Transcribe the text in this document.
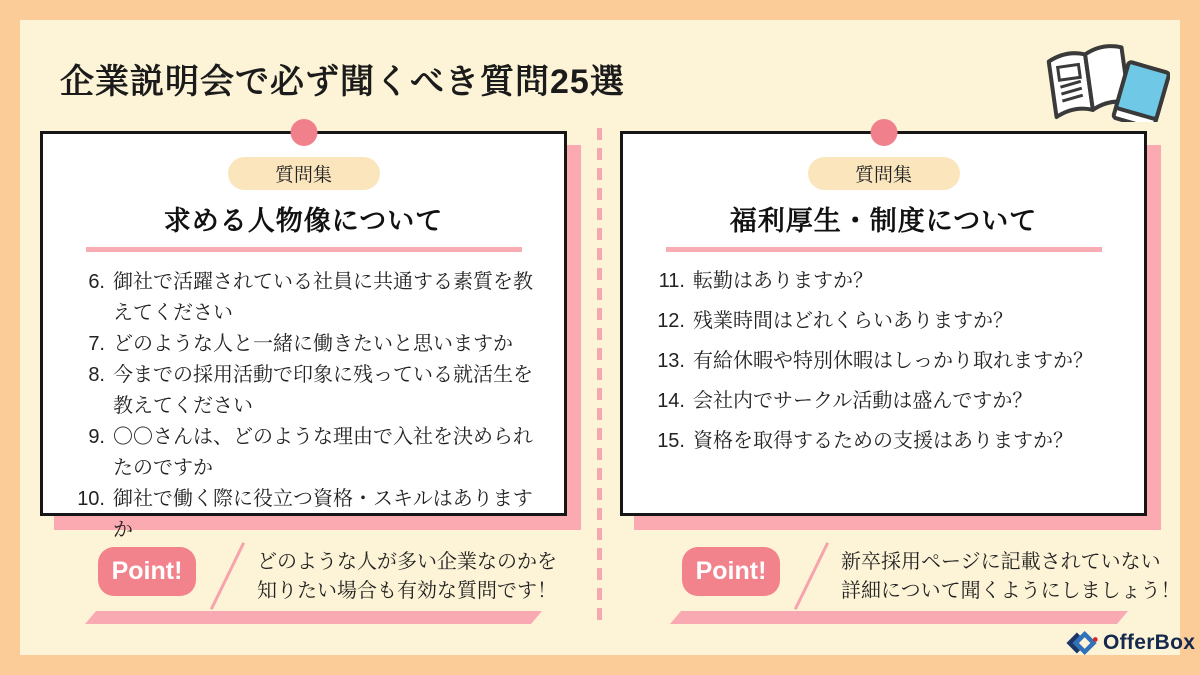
企業説明会で必ず聞くべき質問25選
質問集
求める人物像について
6. 御社で活躍されている社員に共通する素質を教えてください
7. どのような人と一緒に働きたいと思いますか
8. 今までの採用活動で印象に残っている就活生を教えてください
9. 〇〇さんは、どのような理由で入社を決められたのですか
10. 御社で働く際に役立つ資格・スキルはありますか
質問集
福利厚生・制度について
11. 転勤はありますか？
12. 残業時間はどれくらいありますか？
13. 有給休暇や特別休暇はしっかり取れますか？
14. 会社内でサークル活動は盛んですか？
15. 資格を取得するための支援はありますか？
Point!	どのような人が多い企業なのかを
知りたい場合も有効な質問です！
Point!	新卒採用ページに記載されていない
詳細について聞くようにしましょう！
OfferBox
